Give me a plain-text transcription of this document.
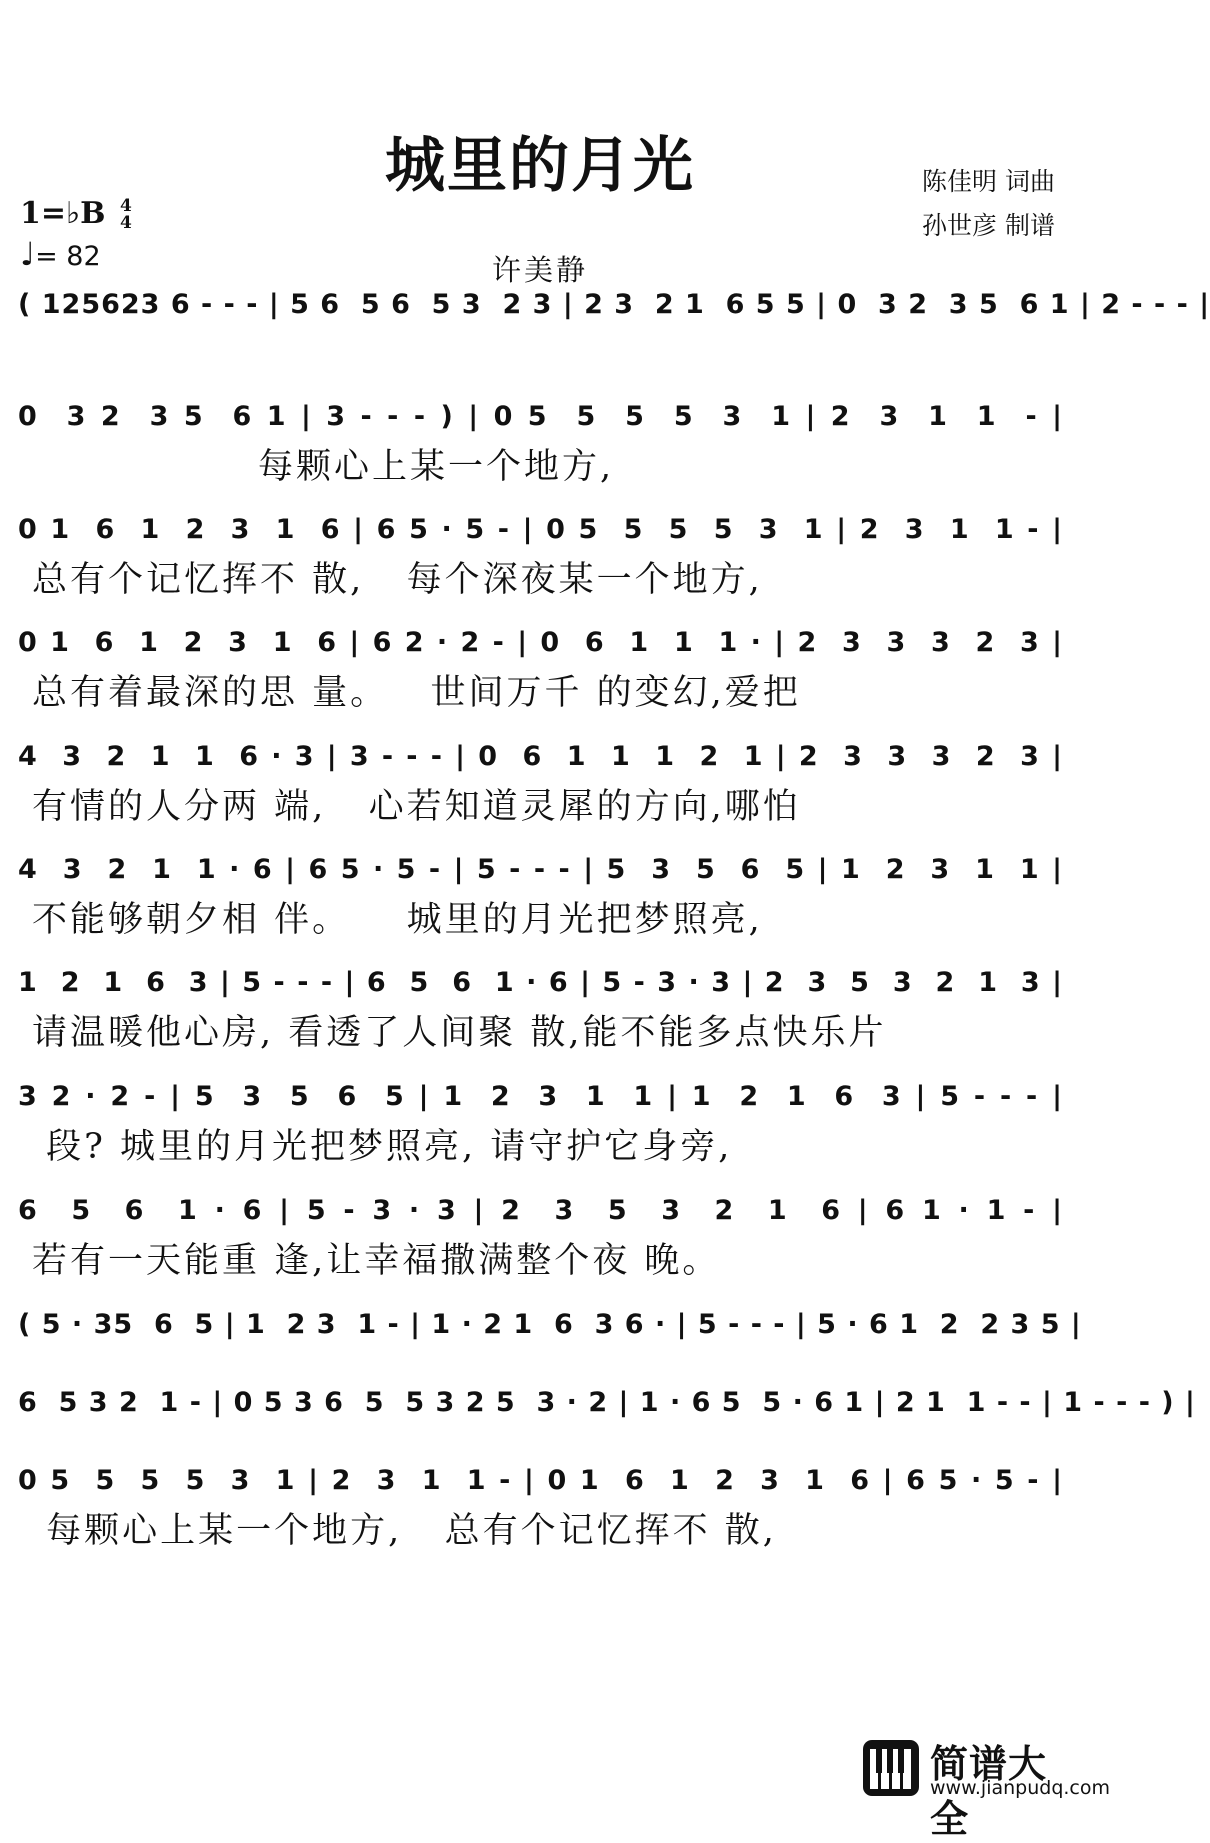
城里的月光	陈佳明 词曲
孙世彦 制谱
1=♭B 4
4
♩= 82	许美静
( 125623 6 - - - | 5 6  5 6  5 3  2 3 | 2 3  2 1  6 5 5 | 0  3 2  3 5  6 1 | 2 - - - |
0  3 2  3 5  6 1 | 3 - - - ) | 0 5  5  5  5  3  1 | 2  3  1  1  - |
每颗心上某一个地方,
0 1  6  1  2  3  1  6 | 6 5 · 5 - | 0 5  5  5  5  3  1 | 2  3  1  1 - |
总有个记忆挥不 散,   每个深夜某一个地方,
0 1  6  1  2  3  1  6 | 6 2 · 2 - | 0  6  1  1  1 · | 2  3  3  3  2  3 |
总有着最深的思 量。   世间万千 的变幻,爱把
4  3  2  1  1  6 · 3 | 3 - - - | 0  6  1  1  1  2  1 | 2  3  3  3  2  3 |
有情的人分两 端,   心若知道灵犀的方向,哪怕
4  3  2  1  1 · 6 | 6 5 · 5 - | 5 - - - | 5  3  5  6  5 | 1  2  3  1  1 |
不能够朝夕相 伴。    城里的月光把梦照亮,
1  2  1  6  3 | 5 - - - | 6  5  6  1 · 6 | 5 - 3 · 3 | 2  3  5  3  2  1  3 |
请温暖他心房, 看透了人间聚 散,能不能多点快乐片
3 2 · 2 - | 5  3  5  6  5 | 1  2  3  1  1 | 1  2  1  6  3 | 5 - - - |
段? 城里的月光把梦照亮, 请守护它身旁,
6  5  6  1 · 6 | 5 - 3 · 3 | 2  3  5  3  2  1  6 | 6 1 · 1 - |
若有一天能重 逢,让幸福撒满整个夜 晚。
( 5 · 35  6  5 | 1  2 3  1 - | 1 · 2 1  6  3 6 · | 5 - - - | 5 · 6 1  2  2 3 5 |
6  5 3 2  1 - | 0 5 3 6  5  5 3 2 5  3 · 2 | 1 · 6 5  5 · 6 1 | 2 1  1 - - | 1 - - - ) |
0 5  5  5  5  3  1 | 2  3  1  1 - | 0 1  6  1  2  3  1  6 | 6 5 · 5 - |
每颗心上某一个地方,   总有个记忆挥不 散,
简谱大全
www.jianpudq.com
